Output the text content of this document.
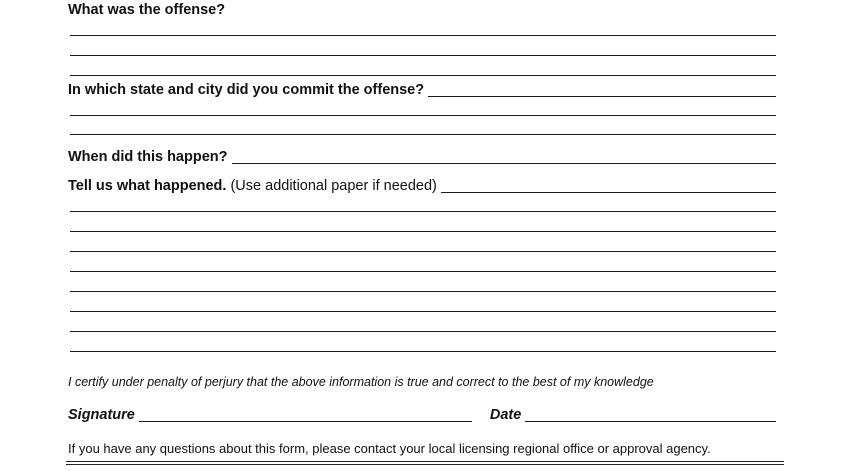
What was the offense?
In which state and city did you commit the offense?
When did this happen?
Tell us what happened. (Use additional paper if needed)
I certify under penalty of perjury that the above information is true and correct to the best of my knowledge
Signature	Date
If you have any questions about this form, please contact your local licensing regional office or approval agency.
